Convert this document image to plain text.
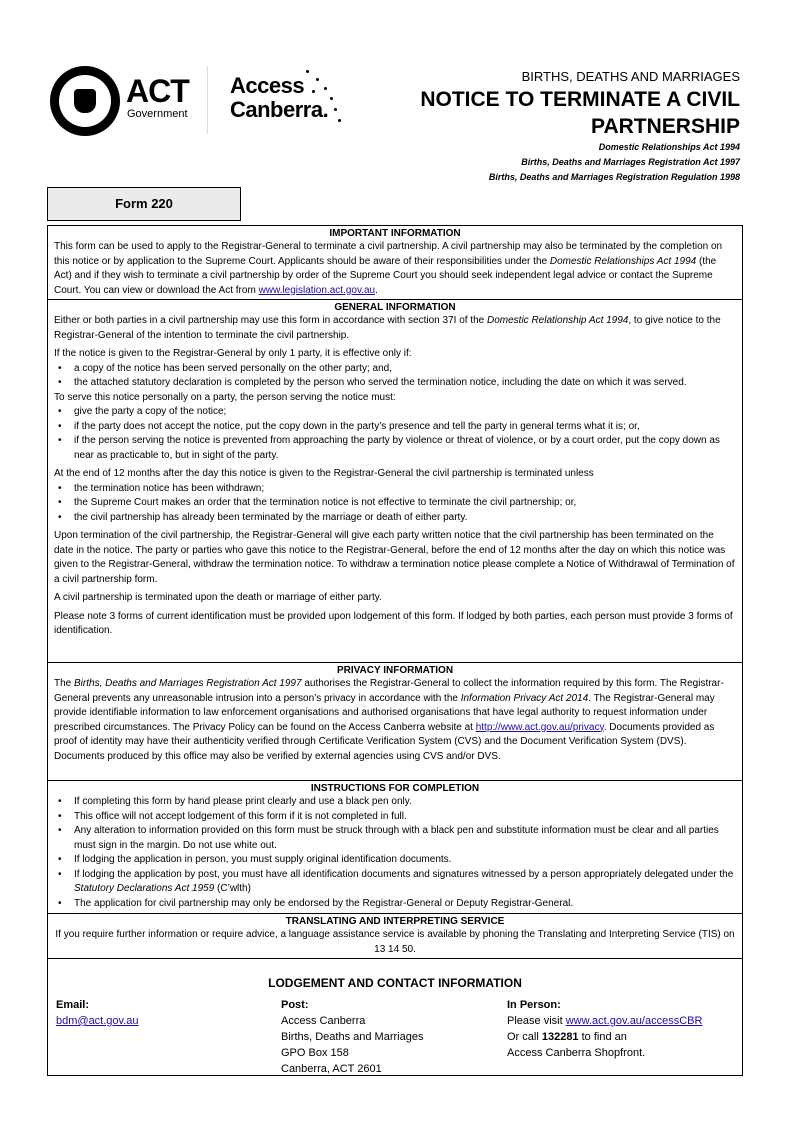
ACT
Government
Access
Canberra.
BIRTHS, DEATHS AND MARRIAGES
NOTICE TO TERMINATE A CIVIL
PARTNERSHIP
Domestic Relationships Act 1994
Births, Deaths and Marriages Registration Act 1997
Births, Deaths and Marriages Registration Regulation 1998
Form 220
IMPORTANT INFORMATION

This form can be used to apply to the Registrar-General to terminate a civil partnership. A civil partnership may also be terminated by the completion on this notice or by application to the Supreme Court. Applicants should be aware of their responsibilities under the Domestic Relationships Act 1994 (the Act) and if they wish to terminate a civil partnership by order of the Supreme Court you should seek independent legal advice or contact the Supreme Court. You can view or download the Act from www.legislation.act.gov.au.

GENERAL INFORMATION

Either or both parties in a civil partnership may use this form in accordance with section 37I of the Domestic Relationship Act 1994, to give notice to the Registrar-General of the intention to terminate the civil partnership.

If the notice is given to the Registrar-General by only 1 party, it is effective only if:

• a copy of the notice has been served personally on the other party; and,
• the attached statutory declaration is completed by the person who served the termination notice, including the date on which it was served.

To serve this notice personally on a party, the person serving the notice must:

• give the party a copy of the notice;
• if the party does not accept the notice, put the copy down in the party’s presence and tell the party in general terms what it is; or,
• if the person serving the notice is prevented from approaching the party by violence or threat of violence, or by a court order, put the copy down as near as practicable to, but in sight of the party.

At the end of 12 months after the day this notice is given to the Registrar-General the civil partnership is terminated unless

• the termination notice has been withdrawn;
• the Supreme Court makes an order that the termination notice is not effective to terminate the civil partnership; or,
• the civil partnership has already been terminated by the marriage or death of either party.

Upon termination of the civil partnership, the Registrar-General will give each party written notice that the civil partnership has been terminated on the date in the notice. The party or parties who gave this notice to the Registrar-General, before the end of 12 months after the day on which this notice was given to the Registrar-General, withdraw the termination notice. To withdraw a termination notice please complete a Notice of Withdrawal of Termination of a civil partnership form.

A civil partnership is terminated upon the death or marriage of either party.

Please note 3 forms of current identification must be provided upon lodgement of this form. If lodged by both parties, each person must provide 3 forms of identification.

PRIVACY INFORMATION

The Births, Deaths and Marriages Registration Act 1997 authorises the Registrar-General to collect the information required by this form. The Registrar-General prevents any unreasonable intrusion into a person’s privacy in accordance with the Information Privacy Act 2014. The Registrar-General may provide identifiable information to law enforcement organisations and authorised organisations that have legal authority to request information under prescribed circumstances. The Privacy Policy can be found on the Access Canberra website at http://www.act.gov.au/privacy. Documents provided as proof of identity may have their authenticity verified through Certificate Verification System (CVS) and the Document Verification System (DVS). Documents produced by this office may also be verified by external agencies using CVS and/or DVS.

INSTRUCTIONS FOR COMPLETION
• If completing this form by hand please print clearly and use a black pen only.
• This office will not accept lodgement of this form if it is not completed in full.
• Any alteration to information provided on this form must be struck through with a black pen and substitute information must be clear and all parties must sign in the margin. Do not use white out.
• If lodging the application in person, you must supply original identification documents.
• If lodging the application by post, you must have all identification documents and signatures witnessed by a person appropriately delegated under the Statutory Declarations Act 1959 (C’wlth)
• The application for civil partnership may only be endorsed by the Registrar-General or Deputy Registrar-General.
TRANSLATING AND INTERPRETING SERVICE
If you require further information or require advice, a language assistance service is available by phoning the Translating and Interpreting Service (TIS) on 13 14 50.
LODGEMENT AND CONTACT INFORMATION
Email:
bdm@act.gov.au
Post:
Access Canberra
Births, Deaths and Marriages
GPO Box 158
Canberra, ACT 2601
In Person:
Please visit www.act.gov.au/accessCBR
Or call 132281 to find an
Access Canberra Shopfront.
